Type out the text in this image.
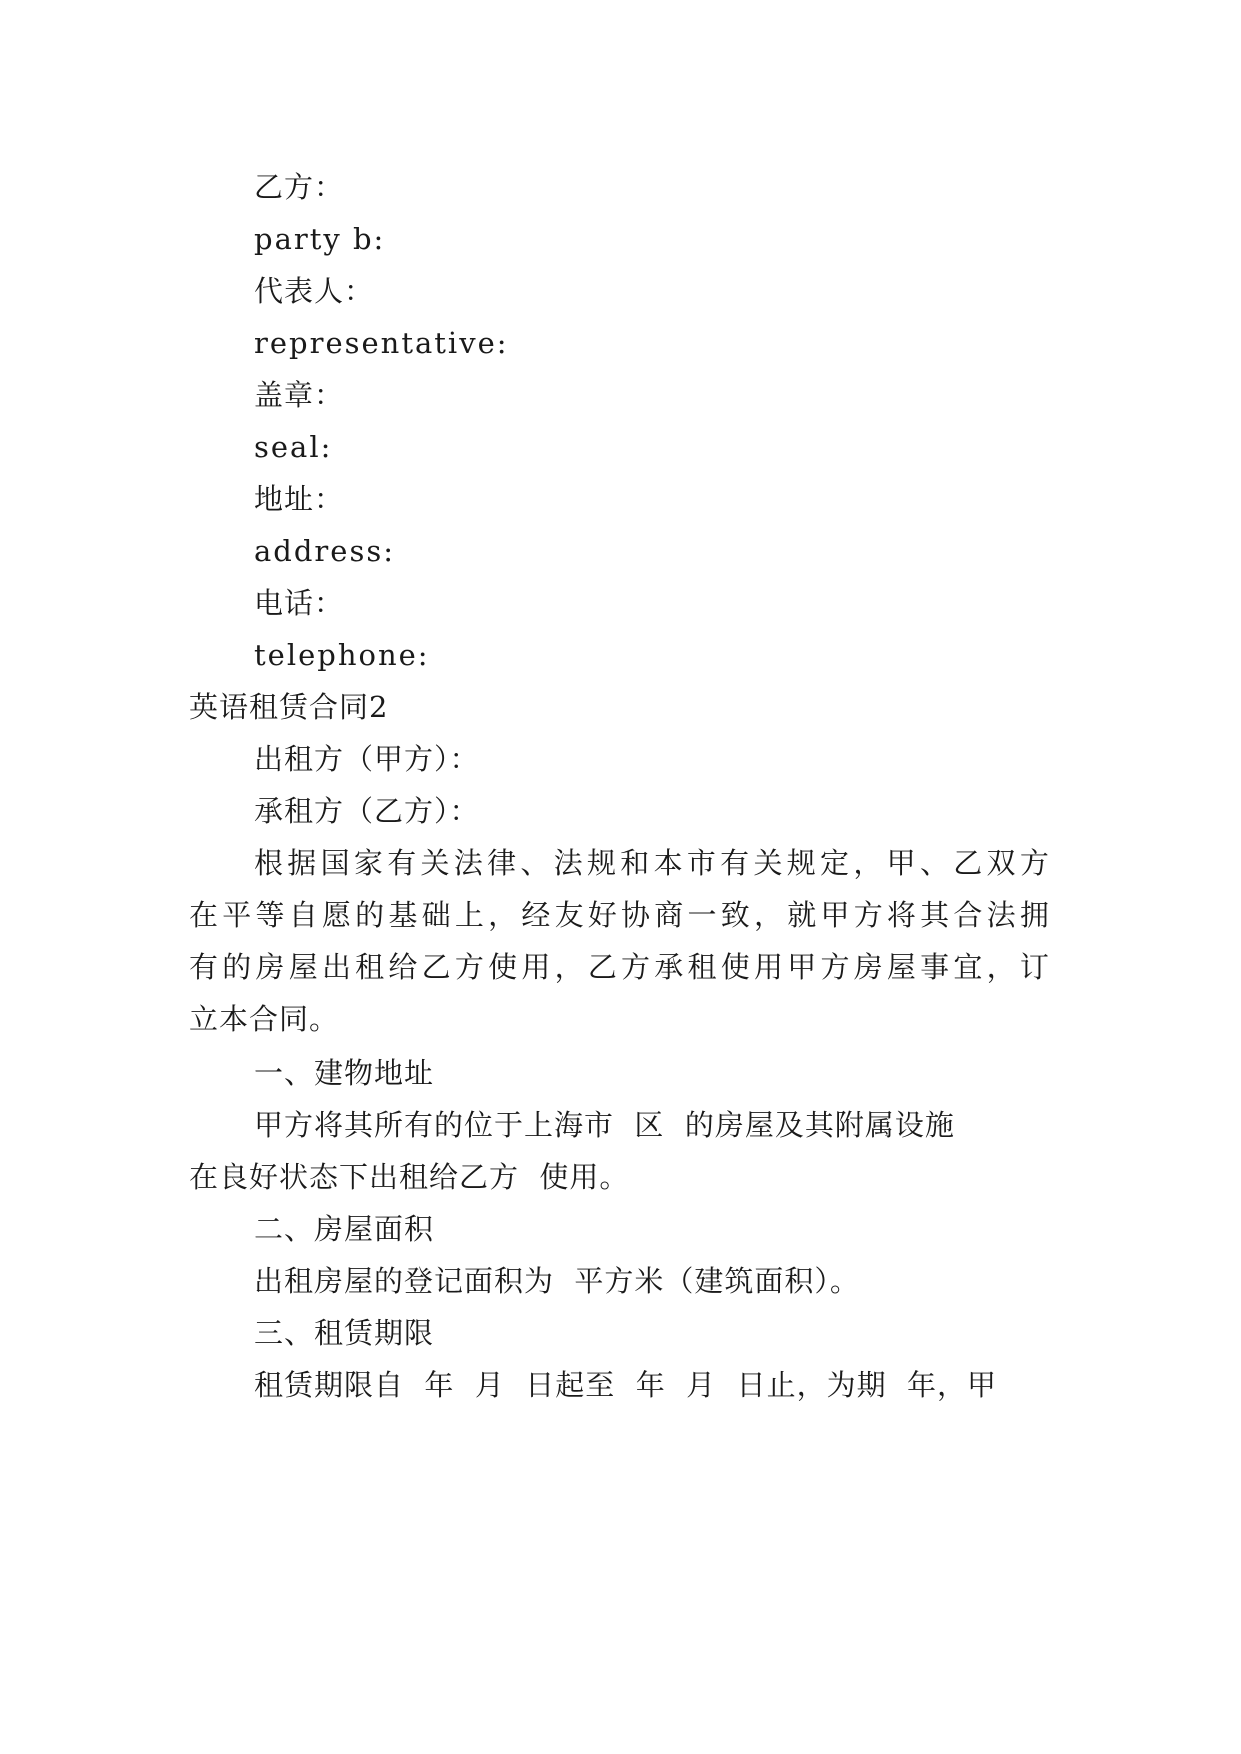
乙方：
party b:
代表人：
representative:
盖章：
seal:
地址：
address:
电话：
telephone:
英语租赁合同2
出租方（甲方）：
承租方（乙方）：
根 据 国 家 有 关 法 律 、 法 规 和 本 市 有 关 规 定 ， 甲 、 乙 双 方
在 平 等 自 愿 的 基 础 上 ， 经 友 好 协 商 一 致 ， 就 甲 方 将 其 合 法 拥
有 的 房 屋 出 租 给 乙 方 使 用 ， 乙 方 承 租 使 用 甲 方 房 屋 事 宜 ， 订
立本合同。
一、建物地址
甲方将其所有的位于上海市  区  的房屋及其附属设施
在良好状态下出租给乙方  使用。
二、房屋面积
出租房屋的登记面积为  平方米（建筑面积）。
三、租赁期限
租赁期限自  年  月  日起至  年  月  日止，为期  年，甲
